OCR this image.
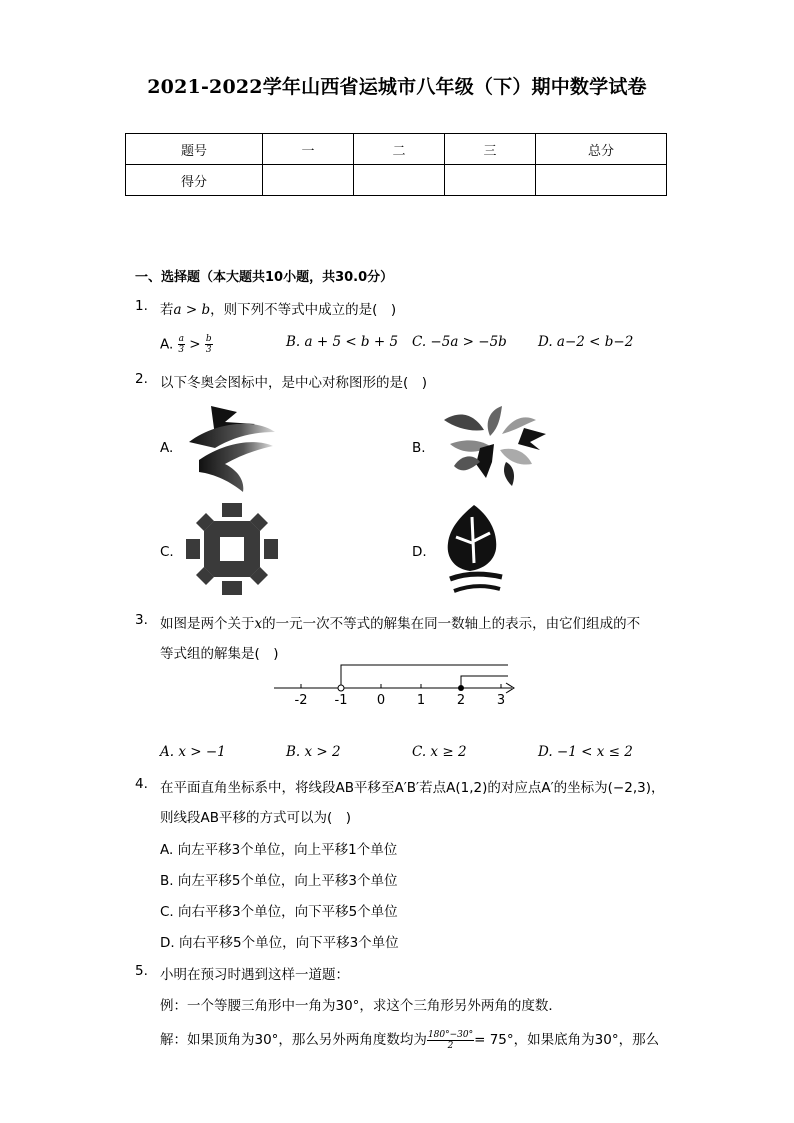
2021-2022学年山西省运城市八年级（下）期中数学试卷
题号	一	二	三	总分
得分				
一、选择题（本大题共10小题，共30.0分）
1. 若a > b，则下列不等式中成立的是(　)
A. $\frac{a}{3} > \frac{b}{3}$	B. a + 5 < b + 5 C. −5a > −5b D. a−2 < b−2
2. 以下冬奥会图标中，是中心对称图形的是(　)
A.	B.
C.	D.
3. 如图是两个关于x的一元一次不等式的解集在同一数轴上的表示，由它们组成的不
等式组的解集是(　)
-2 -1 0 1 2 3
A. x > −1	B. x > 2	C. x ≥ 2	D. −1 < x ≤ 2
4. 在平面直角坐标系中，将线段AB平移至A′B′若点A(1,2)的对应点A′的坐标为(−2,3)，
则线段AB平移的方式可以为(　)
A. 向左平移3个单位，向上平移1个单位
B. 向左平移5个单位，向上平移3个单位
C. 向右平移3个单位，向下平移5个单位
D. 向右平移5个单位，向下平移3个单位
5. 小明在预习时遇到这样一道题：
例：一个等腰三角形中一角为30°，求这个三角形另外两角的度数．
解：如果顶角为30°，那么另外两角度数均为 $\frac{180^\circ-30^\circ}{2} = 75^\circ$，如果底角为30°，那么
